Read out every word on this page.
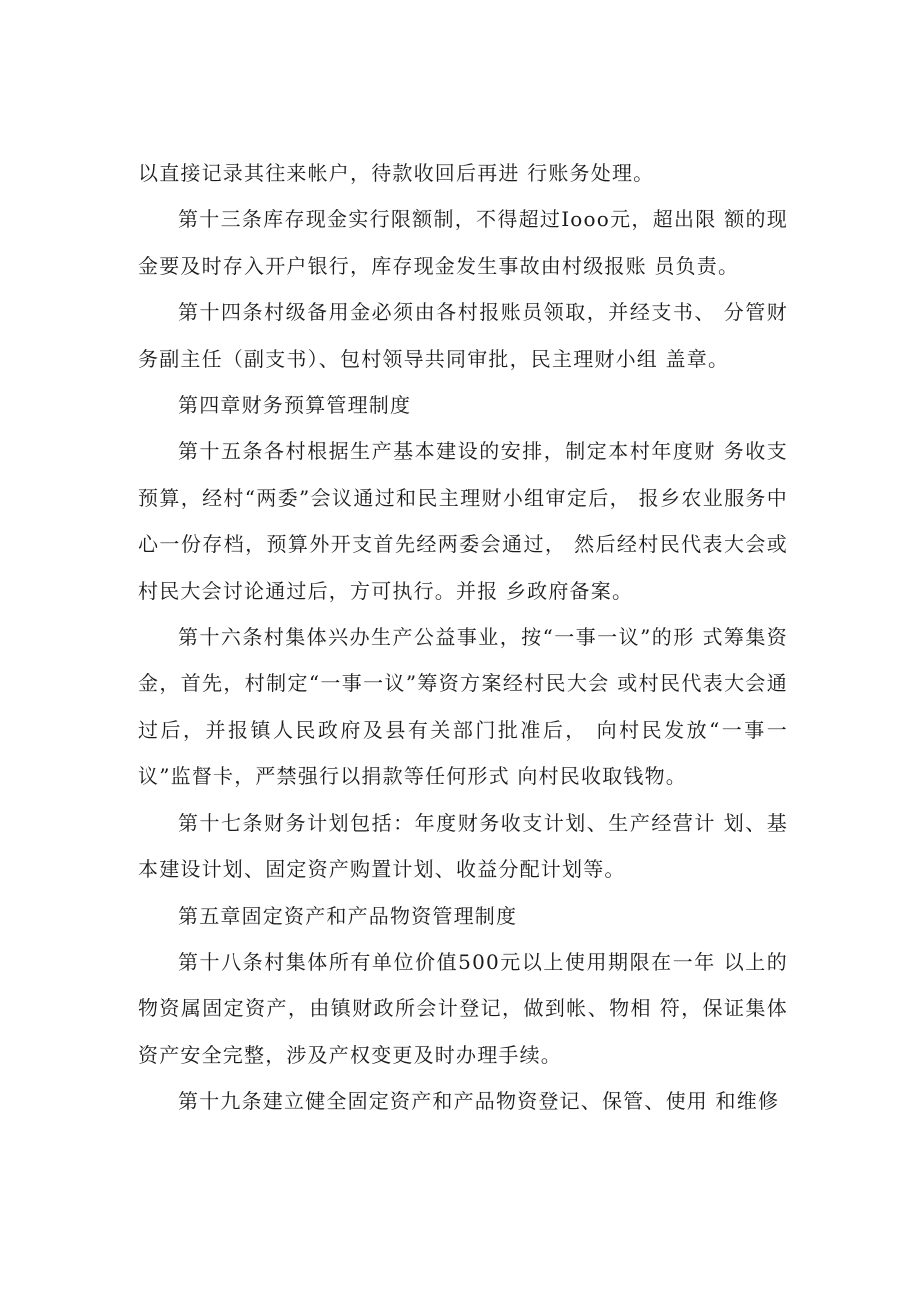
以直接记录其往来帐户，待款收回后再进 行账务处理。

第十三条库存现金实行限额制，不得超过Iooo元，超出限 额的现金要及时存入开户银行，库存现金发生事故由村级报账 员负责。

第十四条村级备用金必须由各村报账员领取，并经支书、 分管财务副主任（副支书）、包村领导共同审批，民主理财小组 盖章。

第四章财务预算管理制度

第十五条各村根据生产基本建设的安排，制定本村年度财 务收支预算，经村“两委”会议通过和民主理财小组审定后， 报乡农业服务中心一份存档，预算外开支首先经两委会通过， 然后经村民代表大会或村民大会讨论通过后，方可执行。并报 乡政府备案。

第十六条村集体兴办生产公益事业，按“一事一议”的形 式筹集资金，首先，村制定“一事一议”筹资方案经村民大会 或村民代表大会通过后，并报镇人民政府及县有关部门批准后， 向村民发放“一事一议”监督卡，严禁强行以捐款等任何形式 向村民收取钱物。

第十七条财务计划包括：年度财务收支计划、生产经营计 划、基本建设计划、固定资产购置计划、收益分配计划等。

第五章固定资产和产品物资管理制度

第十八条村集体所有单位价值500元以上使用期限在一年 以上的物资属固定资产，由镇财政所会计登记，做到帐、物相 符，保证集体资产安全完整，涉及产权变更及时办理手续。

第十九条建立健全固定资产和产品物资登记、保管、使用 和维修
